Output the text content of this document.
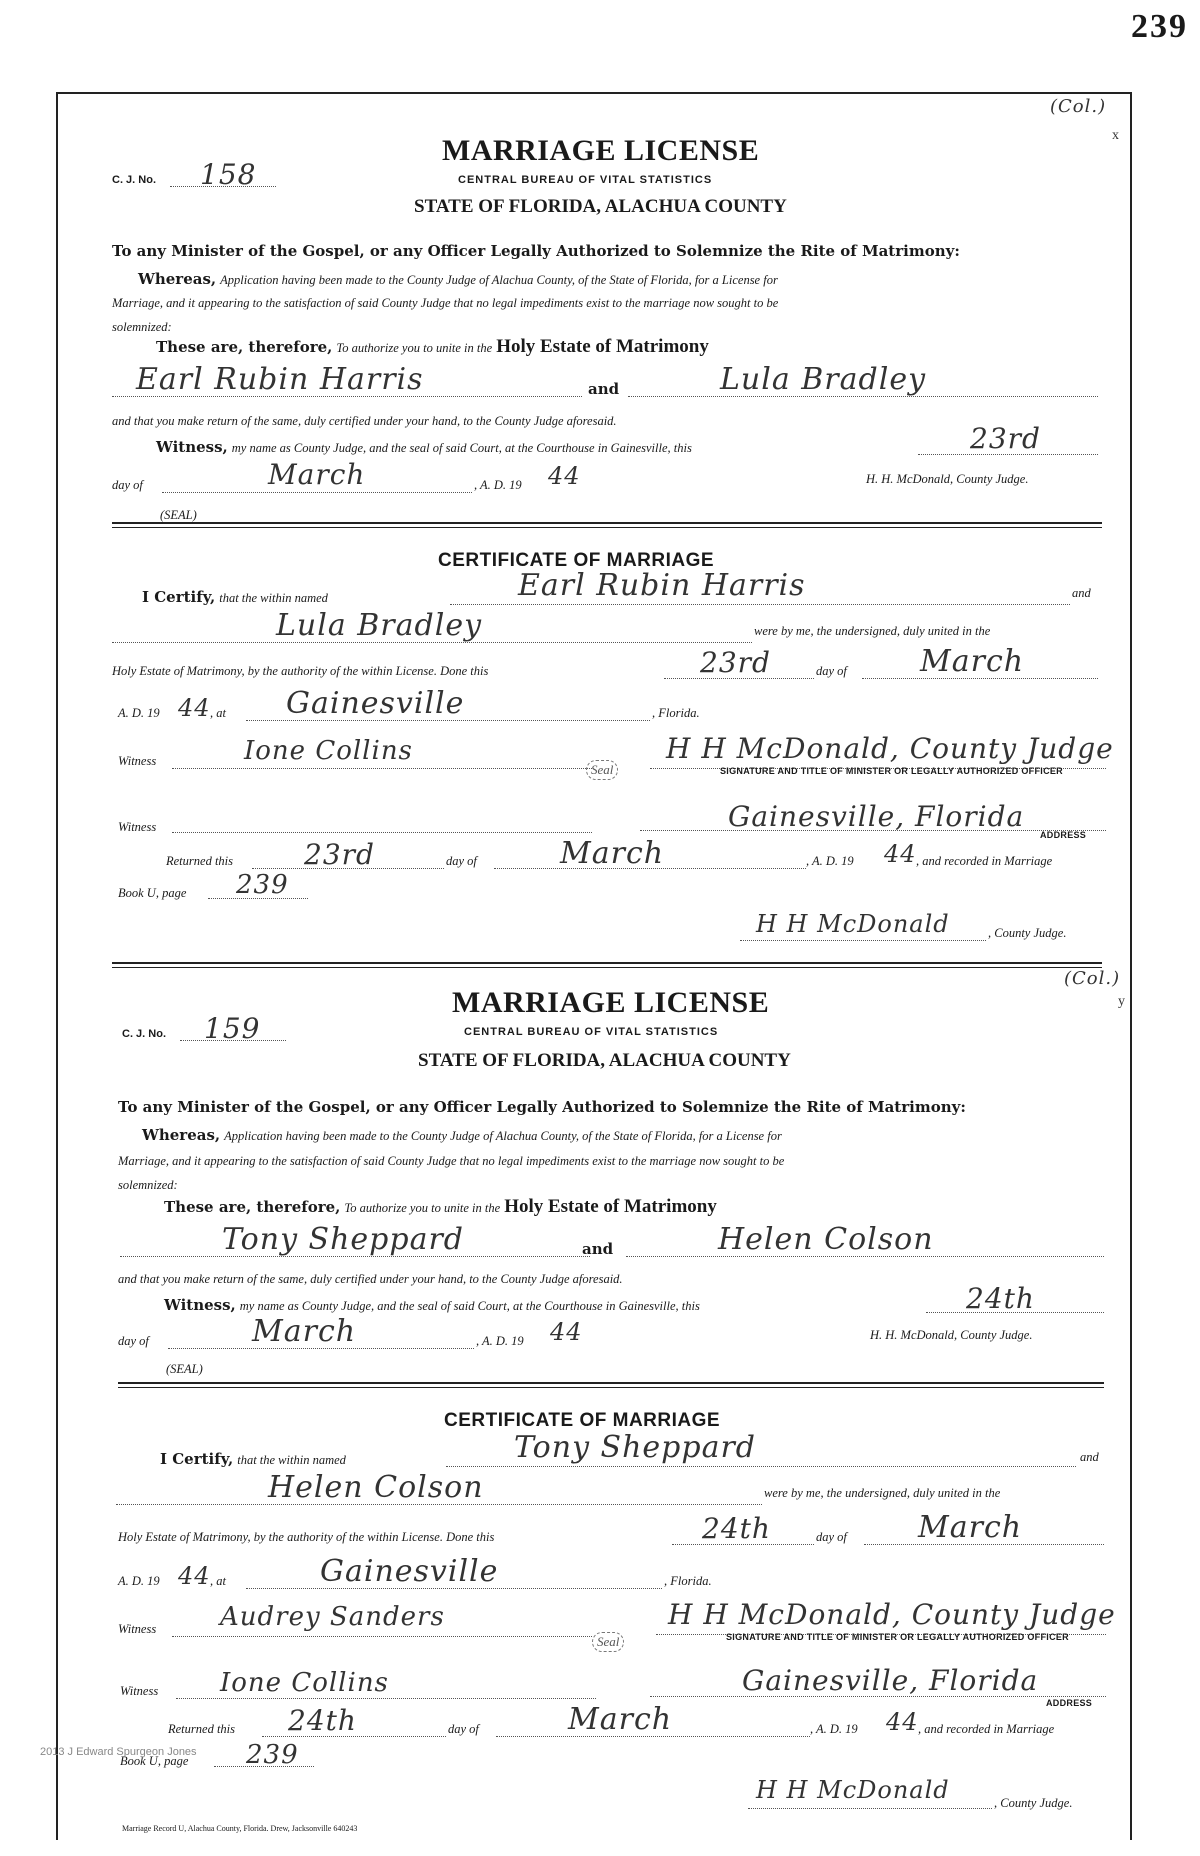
239
(Col.)
x
C. J. No. 158
MARRIAGE LICENSE
CENTRAL BUREAU OF VITAL STATISTICS
STATE OF FLORIDA, ALACHUA COUNTY
To any Minister of the Gospel, or any Officer Legally Authorized to Solemnize the Rite of Matrimony:
Whereas, Application having been made to the County Judge of Alachua County, of the State of Florida, for a License for
Marriage, and it appearing to the satisfaction of said County Judge that no legal impediments exist to the marriage now sought to be
solemnized:
These are, therefore, To authorize you to unite in the Holy Estate of Matrimony
Earl Rubin Harris	and	Lula Bradley
and that you make return of the same, duly certified under your hand, to the County Judge aforesaid.
Witness, my name as County Judge, and the seal of said Court, at the Courthouse in Gainesville, this	23rd
day of	March	, A. D. 19 44	H. H. McDonald, County Judge.
(SEAL)
CERTIFICATE OF MARRIAGE
I Certify, that the within named	Earl Rubin Harris	and
Lula Bradley	were by me, the undersigned, duly united in the
Holy Estate of Matrimony, by the authority of the within License. Done this	23rd	day of March
A. D. 19 44 , at Gainesville	, Florida.
Witness	Ione Collins
Seal
H H McDonald, County Judge
SIGNATURE AND TITLE OF MINISTER OR LEGALLY AUTHORIZED OFFICER
Witness	Gainesville, Florida
ADDRESS
Returned this	23rd	day of	March	, A. D. 19 44 , and recorded in Marriage
Book U, page 239
H H McDonald	, County Judge.
(Col.)
y
C. J. No. 159
MARRIAGE LICENSE
CENTRAL BUREAU OF VITAL STATISTICS
STATE OF FLORIDA, ALACHUA COUNTY
To any Minister of the Gospel, or any Officer Legally Authorized to Solemnize the Rite of Matrimony:
Whereas, Application having been made to the County Judge of Alachua County, of the State of Florida, for a License for
Marriage, and it appearing to the satisfaction of said County Judge that no legal impediments exist to the marriage now sought to be
solemnized:
These are, therefore, To authorize you to unite in the Holy Estate of Matrimony
Tony Sheppard	and	Helen Colson
and that you make return of the same, duly certified under your hand, to the County Judge aforesaid.
Witness, my name as County Judge, and the seal of said Court, at the Courthouse in Gainesville, this	24th
day of	March	, A. D. 19 44	H. H. McDonald, County Judge.
(SEAL)
CERTIFICATE OF MARRIAGE
I Certify, that the within named	Tony Sheppard	and
Helen Colson	were by me, the undersigned, duly united in the
Holy Estate of Matrimony, by the authority of the within License. Done this	24th	day of March
A. D. 19 44 , at	Gainesville	, Florida.
Witness Audrey Sanders
Seal
H H McDonald, County Judge
SIGNATURE AND TITLE OF MINISTER OR LEGALLY AUTHORIZED OFFICER
Witness Ione Collins	Gainesville, Florida
ADDRESS
Returned this 24th	day of	March	, A. D. 19 44 , and recorded in Marriage
Book U, page 239
H H McDonald	, County Judge.
2013 J Edward Spurgeon Jones
Marriage Record U, Alachua County, Florida. Drew, Jacksonville 640243
